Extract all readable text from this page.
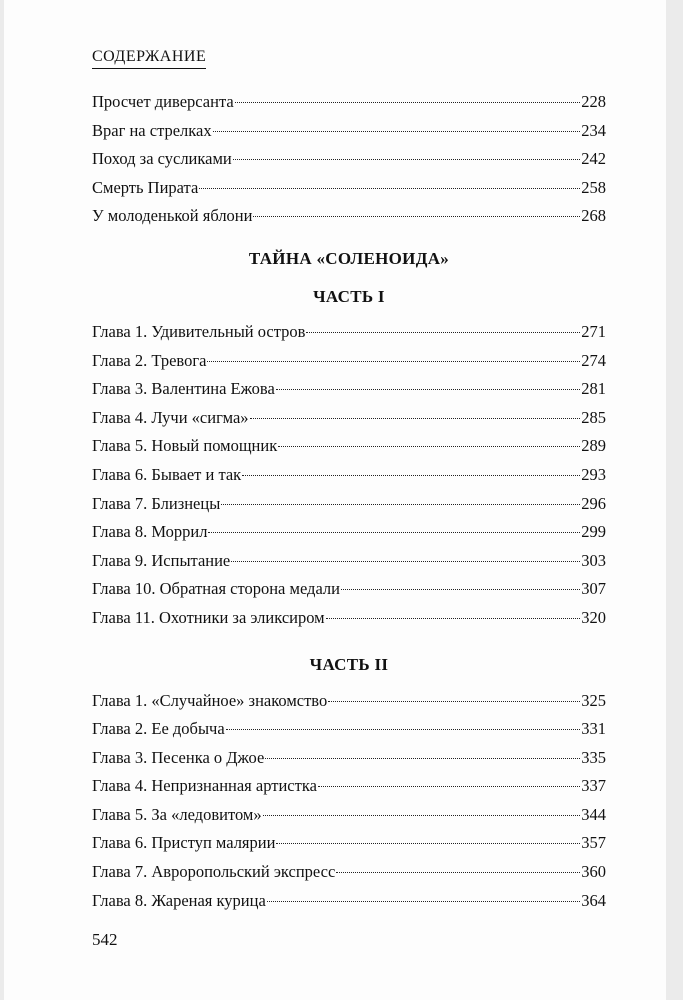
СОДЕРЖАНИЕ
Просчет диверсанта	228
Враг на стрелках	234
Поход за сусликами	242
Смерть Пирата	258
У молоденькой яблони	268
ТАЙНА «СОЛЕНОИДА»
ЧАСТЬ I
Глава 1. Удивительный остров	271
Глава 2. Тревога	274
Глава 3. Валентина Ежова	281
Глава 4. Лучи «сигма»	285
Глава 5. Новый помощник	289
Глава 6. Бывает и так	293
Глава 7. Близнецы	296
Глава 8. Моррил	299
Глава 9. Испытание	303
Глава 10. Обратная сторона медали	307
Глава 11. Охотники за эликсиром	320
ЧАСТЬ II
Глава 1. «Случайное» знакомство	325
Глава 2. Ее добыча	331
Глава 3. Песенка о Джое	335
Глава 4. Непризнанная артистка	337
Глава 5. За «ледовитом»	344
Глава 6. Приступ малярии	357
Глава 7. Авроропольский экспресс	360
Глава 8. Жареная курица	364
542
